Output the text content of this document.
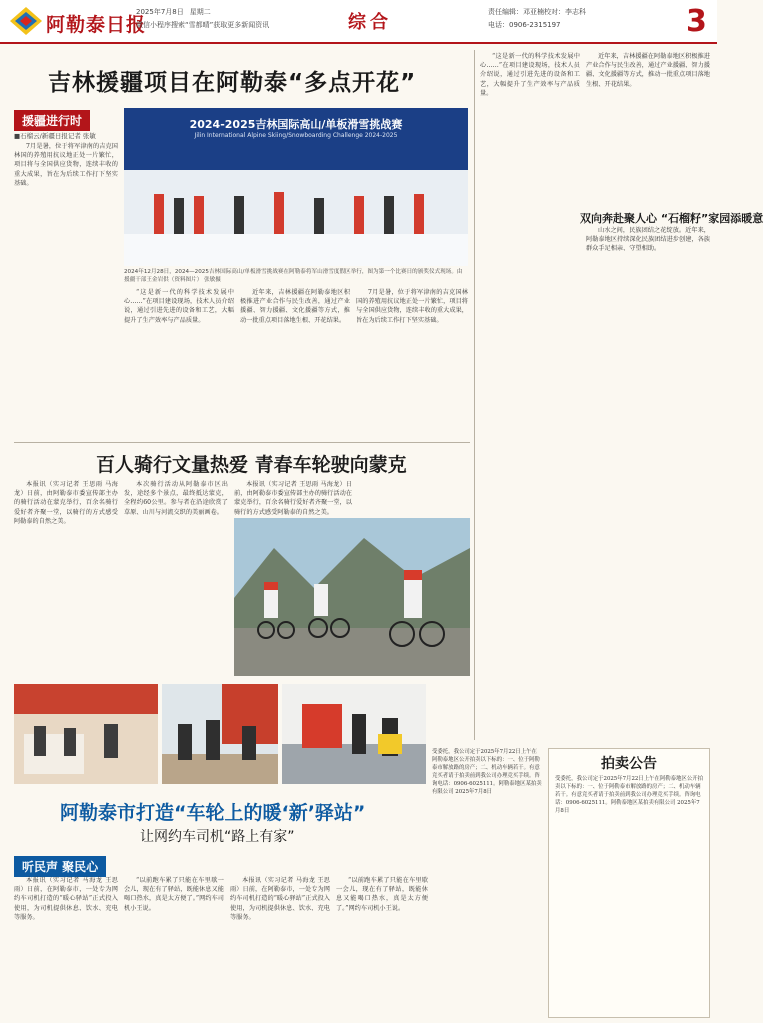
阿勒泰日报
2025年7月8日 星期二
微信小程序搜索“雪都晴”获取更多新闻资讯	综合	责任编辑：邓亚楠校对：李志科
电话：0906-2315197	3
吉林援疆项目在阿勒泰“多点开花”
援疆进行时
■石榴云/新疆日报记者 张敏
2024-2025吉林国际高山/单板滑雪挑战赛
Jilin International Alpine Skiing/Snowboarding Challenge 2024-2025
2024年12月28日，2024—2025吉林国际高山/单板滑雪挑战赛在阿勒泰将军山滑雪度假区举行，图为第一个比赛日的颁奖仪式现场。由援疆干部王金岩供（资料图片） 张敏摄
7月是暑，位于将军津南的吉克国林国的养殖用抗议地正处一片繁忙，项目将与全国供应货物，连续丰收的重大成果，旨在为后续工作打下坚实基础。
“这是新一代的科学技术发展中心……”在项目建设现场，技术人员介绍说，通过引进先进的设备和工艺，大幅提升了生产效率与产品质量。
近年来，吉林援疆在阿勒泰地区积极推进产业合作与民生改善，通过产业援疆、智力援疆、文化援疆等方式，推动一批重点项目落地生根、开花结果。
7月是暑，位于将军津南的吉克国林国的养殖用抗议地正处一片繁忙，项目将与全国供应货物，连续丰收的重大成果，旨在为后续工作打下坚实基础。
“这是新一代的科学技术发展中心……”在项目建设现场，技术人员介绍说，通过引进先进的设备和工艺，大幅提升了生产效率与产品质量。
近年来，吉林援疆在阿勒泰地区积极推进产业合作与民生改善，通过产业援疆、智力援疆、文化援疆等方式，推动一批重点项目落地生根、开花结果。
双向奔赴聚人心 “石榴籽”家园添暖意
山水之间，民族团结之花绽放。近年来，阿勒泰地区持续深化民族团结进步创建，各族群众手足相亲、守望相助。
百人骑行文量热爱 青春车轮驶向蒙克
本报讯（实习记者 王思雨 马海龙）日前，由阿勒泰市委宣传部主办的骑行活动在蒙克举行，百余名骑行爱好者齐聚一堂，以骑行的方式感受阿勒泰的自然之美。
本次骑行活动从阿勒泰市区出发，途经多个景点，最终抵达蒙克，全程约60公里。参与者在沿途欣赏了草原、山川与河流交织的美丽画卷。
本报讯（实习记者 王思雨 马海龙）日前，由阿勒泰市委宣传部主办的骑行活动在蒙克举行，百余名骑行爱好者齐聚一堂，以骑行的方式感受阿勒泰的自然之美。
阿勒泰市打造“车轮上的暖‘新’驿站”
让网约车司机“路上有家”
听民声 聚民心
本报讯（实习记者 马海龙 王思雨）日前，在阿勒泰市，一处专为网约车司机打造的“暖心驿站”正式投入使用，为司机提供休息、饮水、充电等服务。
“以前跑车累了只能在车里歇一会儿，现在有了驿站，既能休息又能喝口热水，真是太方便了。”网约车司机小王说。
本报讯（实习记者 马海龙 王思雨）日前，在阿勒泰市，一处专为网约车司机打造的“暖心驿站”正式投入使用，为司机提供休息、饮水、充电等服务。
“以前跑车累了只能在车里歇一会儿，现在有了驿站，既能休息又能喝口热水，真是太方便了。”网约车司机小王说。
受委托，我公司定于2025年7月22日上午在阿勒泰地区公开拍卖以下标的：一、位于阿勒泰市解放路的房产；二、机动车辆若干。有意竞买者请于拍卖前到我公司办理竞买手续。咨询电话：0906-6025111。阿勒泰地区某拍卖有限公司 2025年7月8日
拍卖公告
受委托，我公司定于2025年7月22日上午在阿勒泰地区公开拍卖以下标的：一、位于阿勒泰市解放路的房产；二、机动车辆若干。有意竞买者请于拍卖前到我公司办理竞买手续。咨询电话：0906-6025111。阿勒泰地区某拍卖有限公司 2025年7月8日
